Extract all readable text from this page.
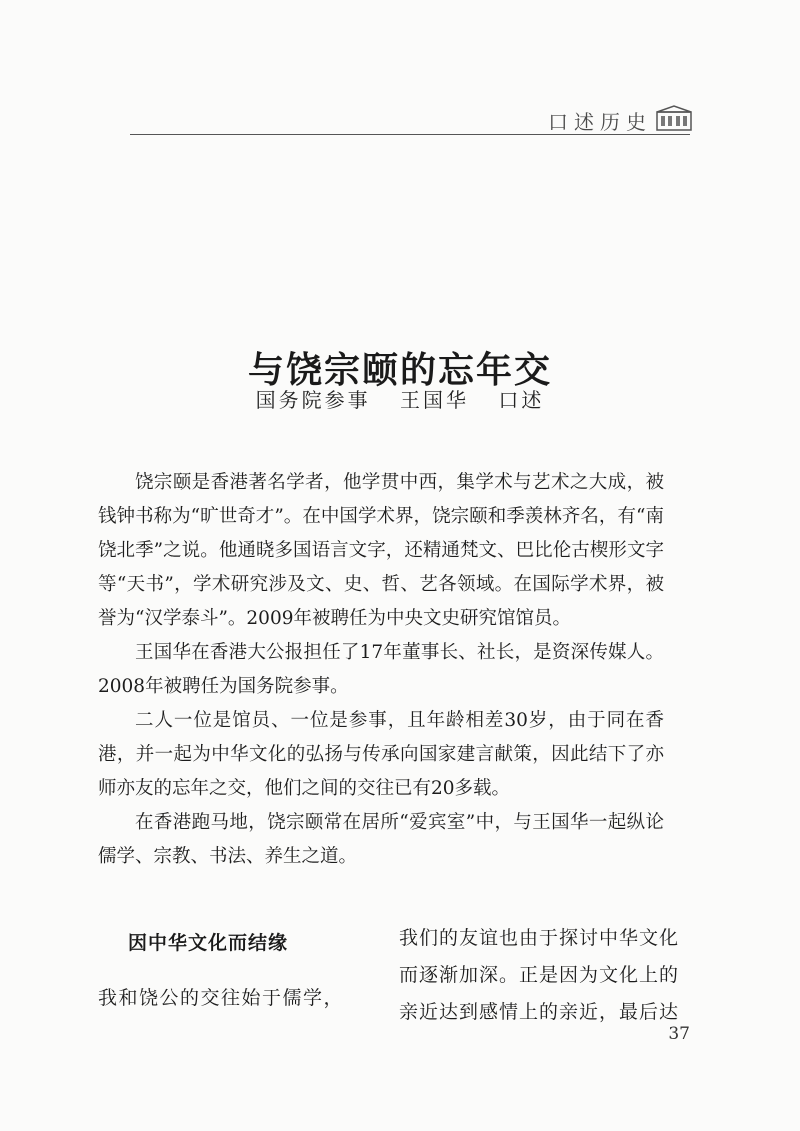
口述历史
与饶宗颐的忘年交
国务院参事 王国华 口述

饶宗颐是香港著名学者，他学贯中西，集学术与艺术之大成，被钱钟书称为“旷世奇才”。在中国学术界，饶宗颐和季羡林齐名，有“南饶北季”之说。他通晓多国语言文字，还精通梵文、巴比伦古楔形文字等“天书”，学术研究涉及文、史、哲、艺各领域。在国际学术界，被誉为“汉学泰斗”。2009年被聘任为中央文史研究馆馆员。

王国华在香港大公报担任了17年董事长、社长，是资深传媒人。2008年被聘任为国务院参事。

二人一位是馆员、一位是参事，且年龄相差30岁，由于同在香港，并一起为中华文化的弘扬与传承向国家建言献策，因此结下了亦师亦友的忘年之交，他们之间的交往已有20多载。

在香港跑马地，饶宗颐常在居所“爱宾室”中，与王国华一起纵论儒学、宗教、书法、养生之道。

因中华文化而结缘

我和饶公的交往始于儒学，

我们的友谊也由于探讨中华文化而逐渐加深。正是因为文化上的亲近达到感情上的亲近，最后达

37
